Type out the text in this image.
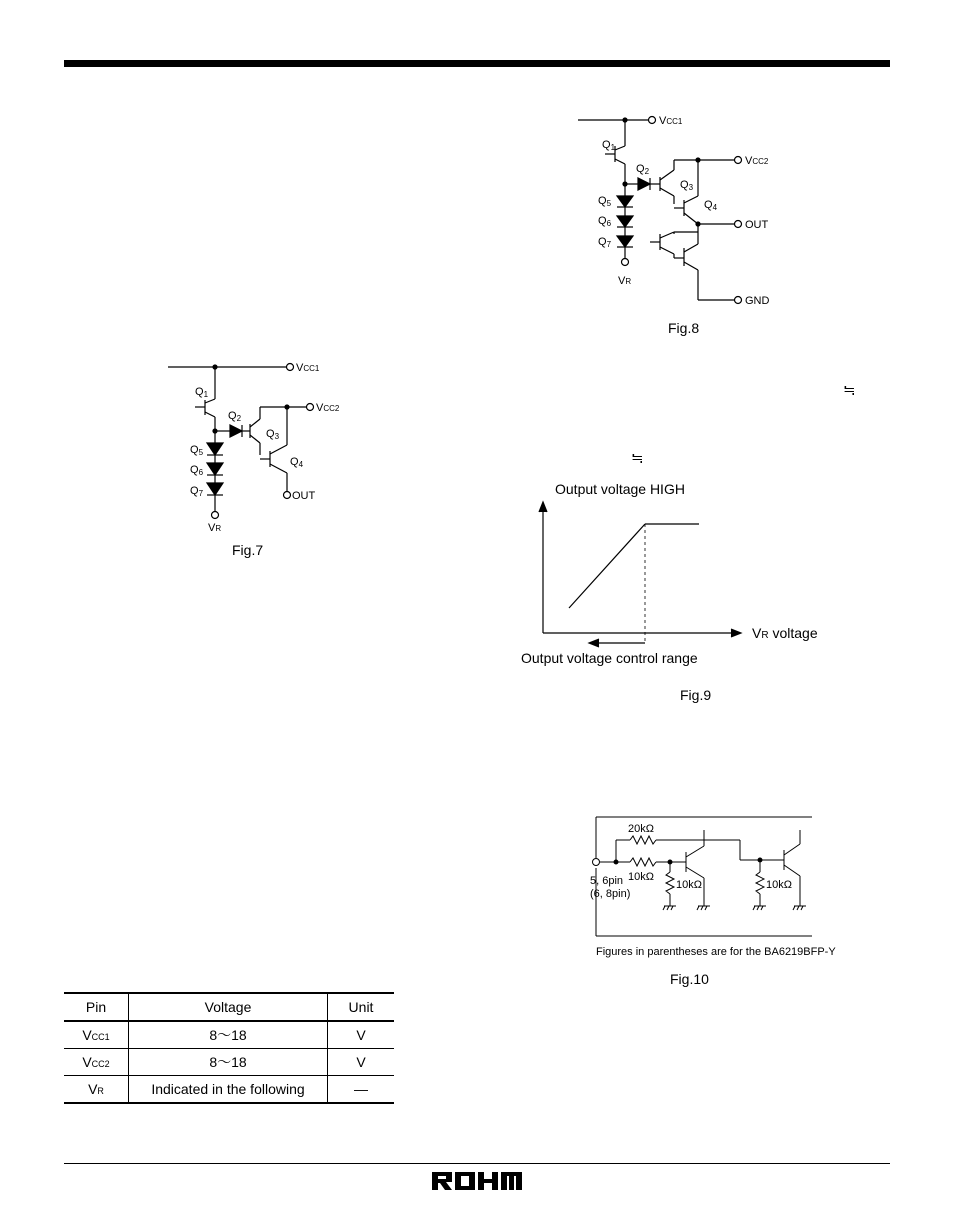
Q1
Q2
Q3
Q4
Q5
Q6
Q7
VCC1
VCC2
VR
OUT
Fig.7
Q1
Q2
Q3
Q4
Q5
Q6
Q7
VCC1
VCC2
VR
OUT
GND
Fig.8
≒
≒
Output voltage HIGH
VR voltage
Output voltage control range
Fig.9
20kΩ
10kΩ
10kΩ	10kΩ
5, 6pin
(6, 8pin)
Figures in parentheses are for the BA6219BFP-Y
Fig.10
Pin	Voltage	Unit
VCC1	8～18	V
VCC2	8～18	V
VR	Indicated in the following	—
